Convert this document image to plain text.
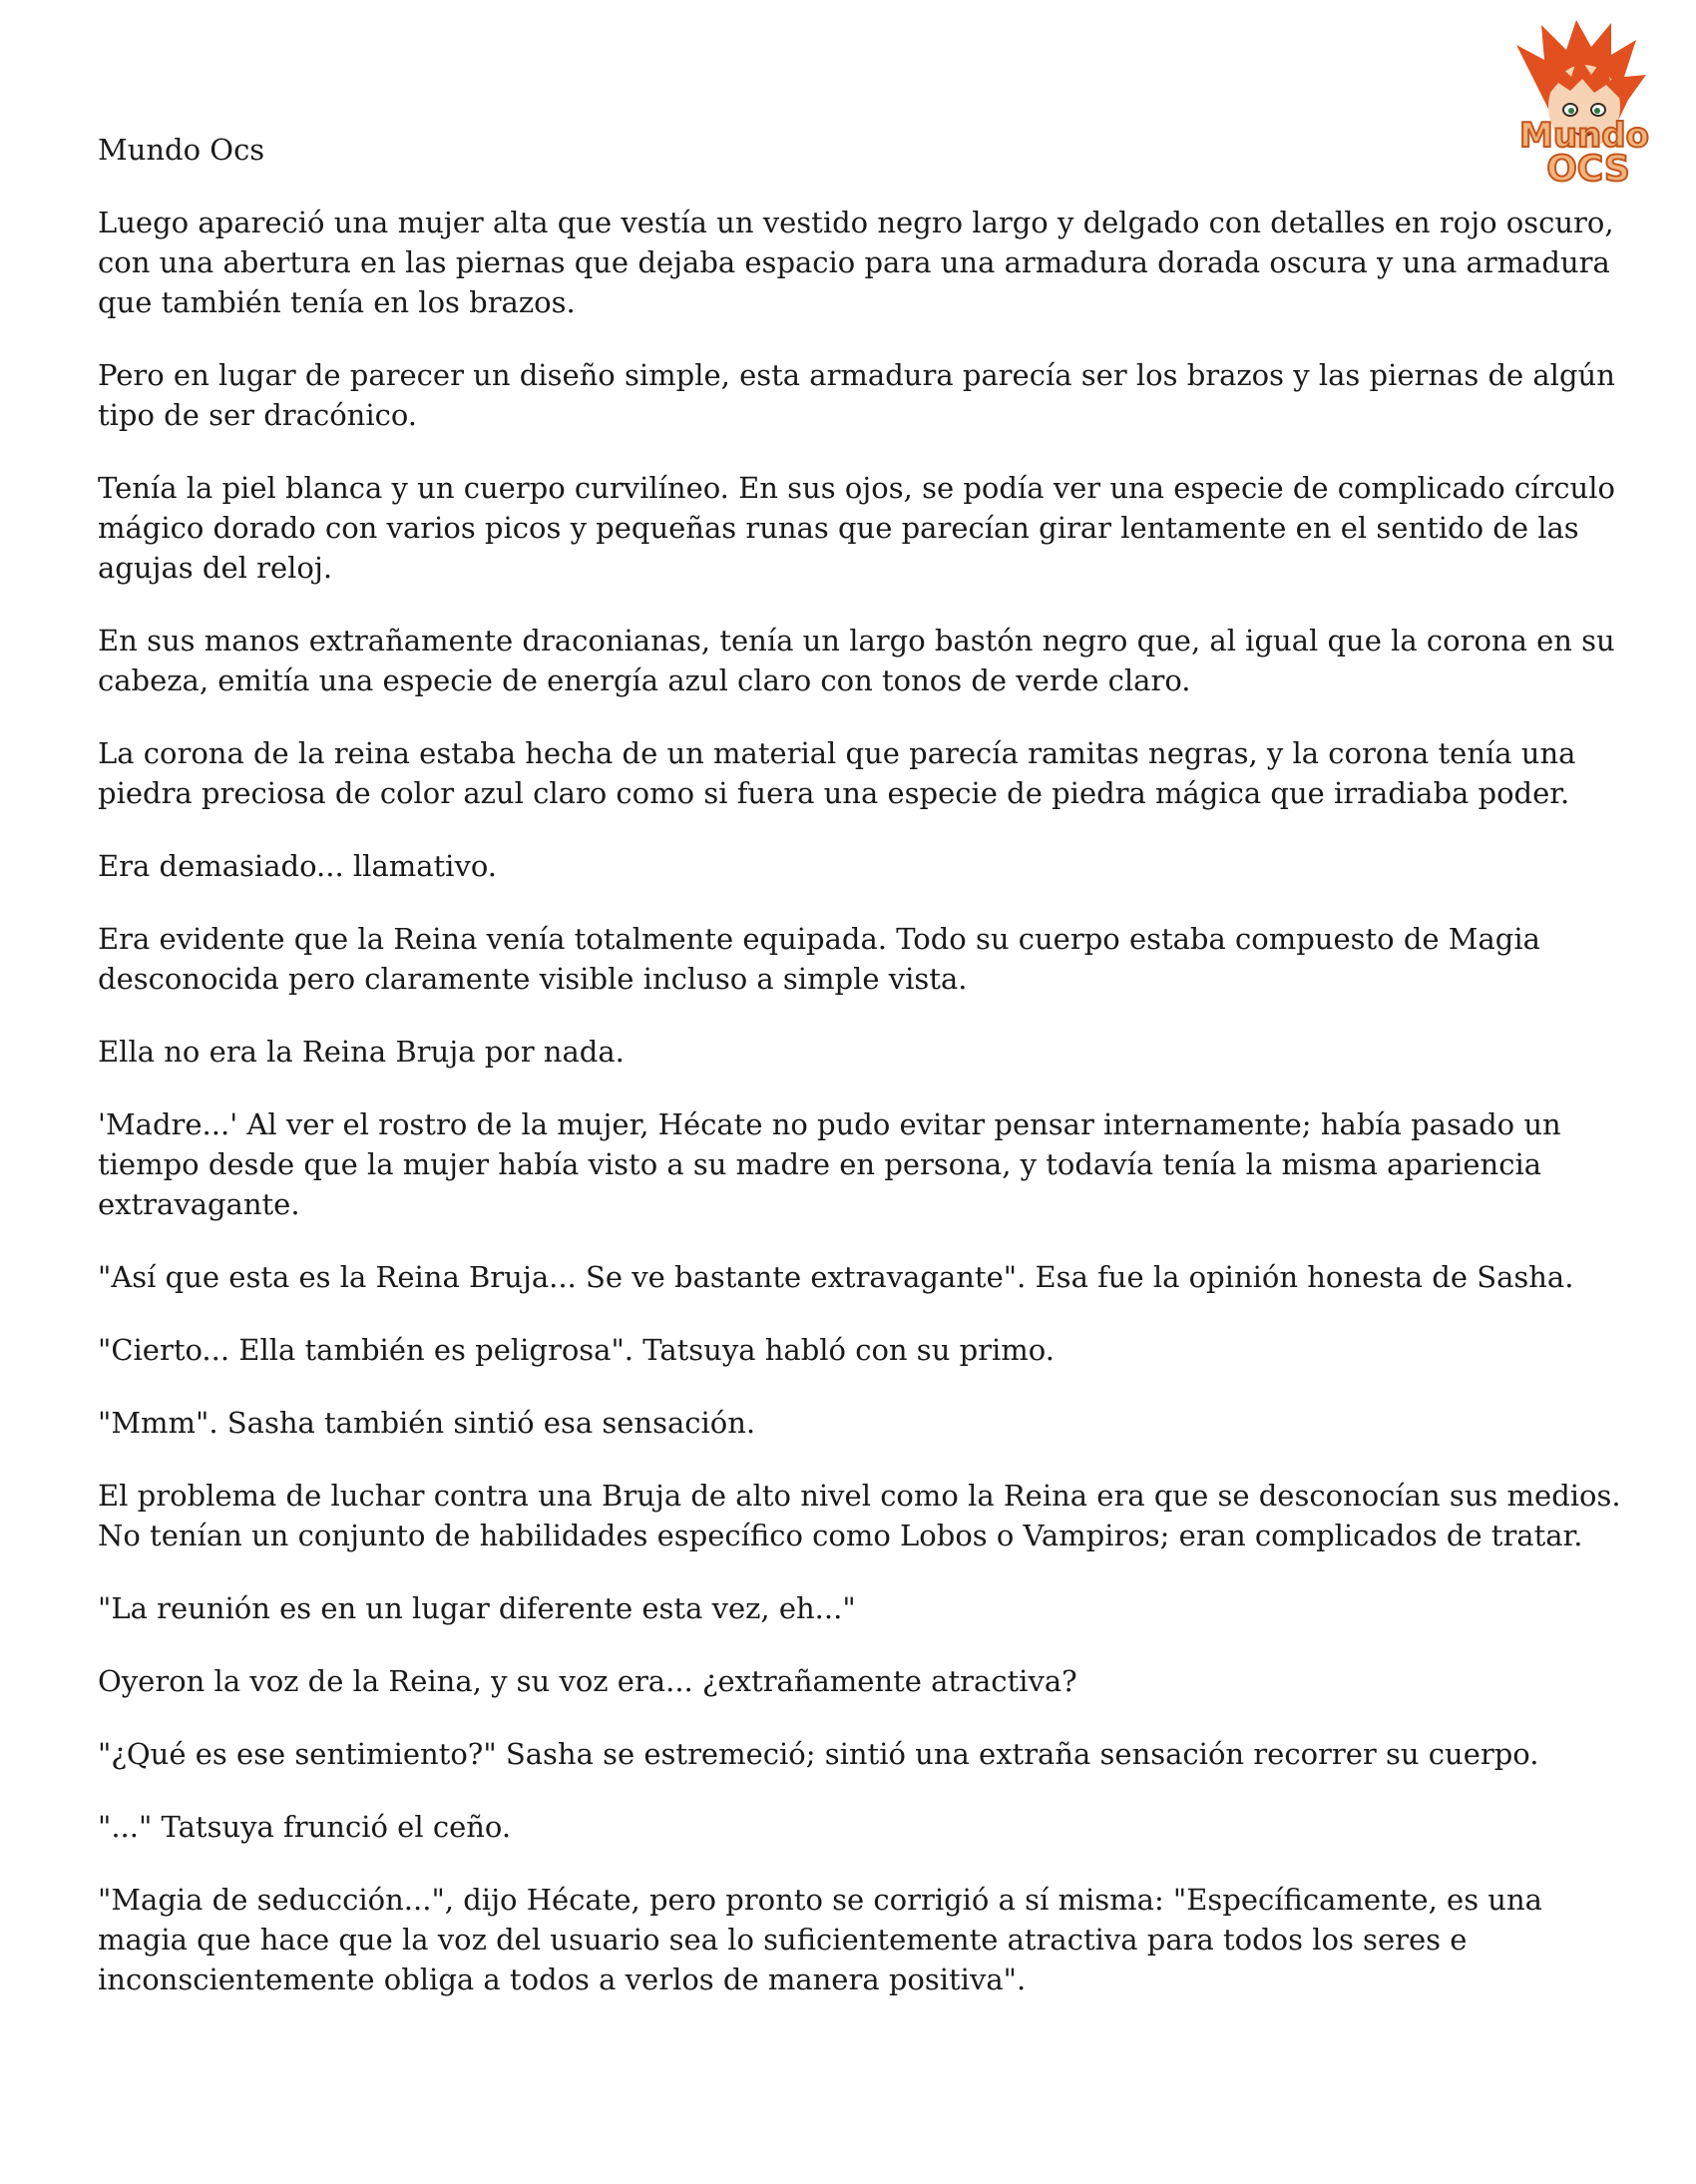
Mundo
OCS

Mundo Ocs

Luego apareció una mujer alta que vestía un vestido negro largo y delgado con detalles en rojo oscuro, con una abertura en las piernas que dejaba espacio para una armadura dorada oscura y una armadura que también tenía en los brazos.

Pero en lugar de parecer un diseño simple, esta armadura parecía ser los brazos y las piernas de algún tipo de ser dracónico.

Tenía la piel blanca y un cuerpo curvilíneo. En sus ojos, se podía ver una especie de complicado círculo mágico dorado con varios picos y pequeñas runas que parecían girar lentamente en el sentido de las agujas del reloj.

En sus manos extrañamente draconianas, tenía un largo bastón negro que, al igual que la corona en su cabeza, emitía una especie de energía azul claro con tonos de verde claro.

La corona de la reina estaba hecha de un material que parecía ramitas negras, y la corona tenía una piedra preciosa de color azul claro como si fuera una especie de piedra mágica que irradiaba poder.

Era demasiado... llamativo.

Era evidente que la Reina venía totalmente equipada. Todo su cuerpo estaba compuesto de Magia desconocida pero claramente visible incluso a simple vista.

Ella no era la Reina Bruja por nada.

'Madre...' Al ver el rostro de la mujer, Hécate no pudo evitar pensar internamente; había pasado un tiempo desde que la mujer había visto a su madre en persona, y todavía tenía la misma apariencia extravagante.

"Así que esta es la Reina Bruja... Se ve bastante extravagante". Esa fue la opinión honesta de Sasha.

"Cierto... Ella también es peligrosa". Tatsuya habló con su primo.

"Mmm". Sasha también sintió esa sensación.

El problema de luchar contra una Bruja de alto nivel como la Reina era que se desconocían sus medios. No tenían un conjunto de habilidades específico como Lobos o Vampiros; eran complicados de tratar.

"La reunión es en un lugar diferente esta vez, eh..."

Oyeron la voz de la Reina, y su voz era... ¿extrañamente atractiva?

"¿Qué es ese sentimiento?" Sasha se estremeció; sintió una extraña sensación recorrer su cuerpo.

"..." Tatsuya frunció el ceño.

"Magia de seducción...", dijo Hécate, pero pronto se corrigió a sí misma: "Específicamente, es una magia que hace que la voz del usuario sea lo suficientemente atractiva para todos los seres e inconscientemente obliga a todos a verlos de manera positiva".
